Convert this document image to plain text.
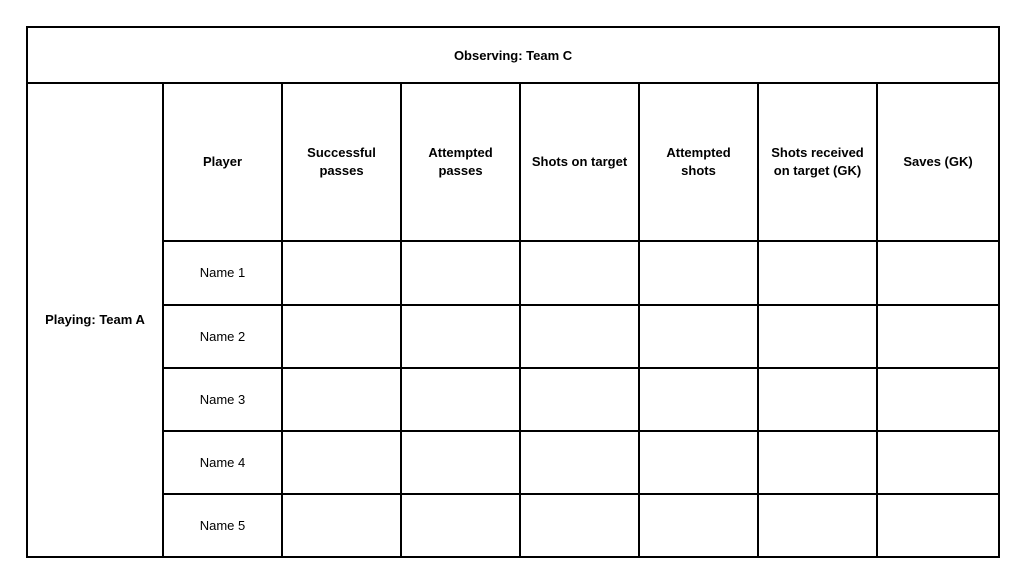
Observing: Team C							
Playing: Team A	Player	Successful passes	Attempted passes	Shots on target	Attempted shots	Shots received on target (GK)	Saves (GK)
	Name 1						
	Name 2						
	Name 3						
	Name 4						
	Name 5						
